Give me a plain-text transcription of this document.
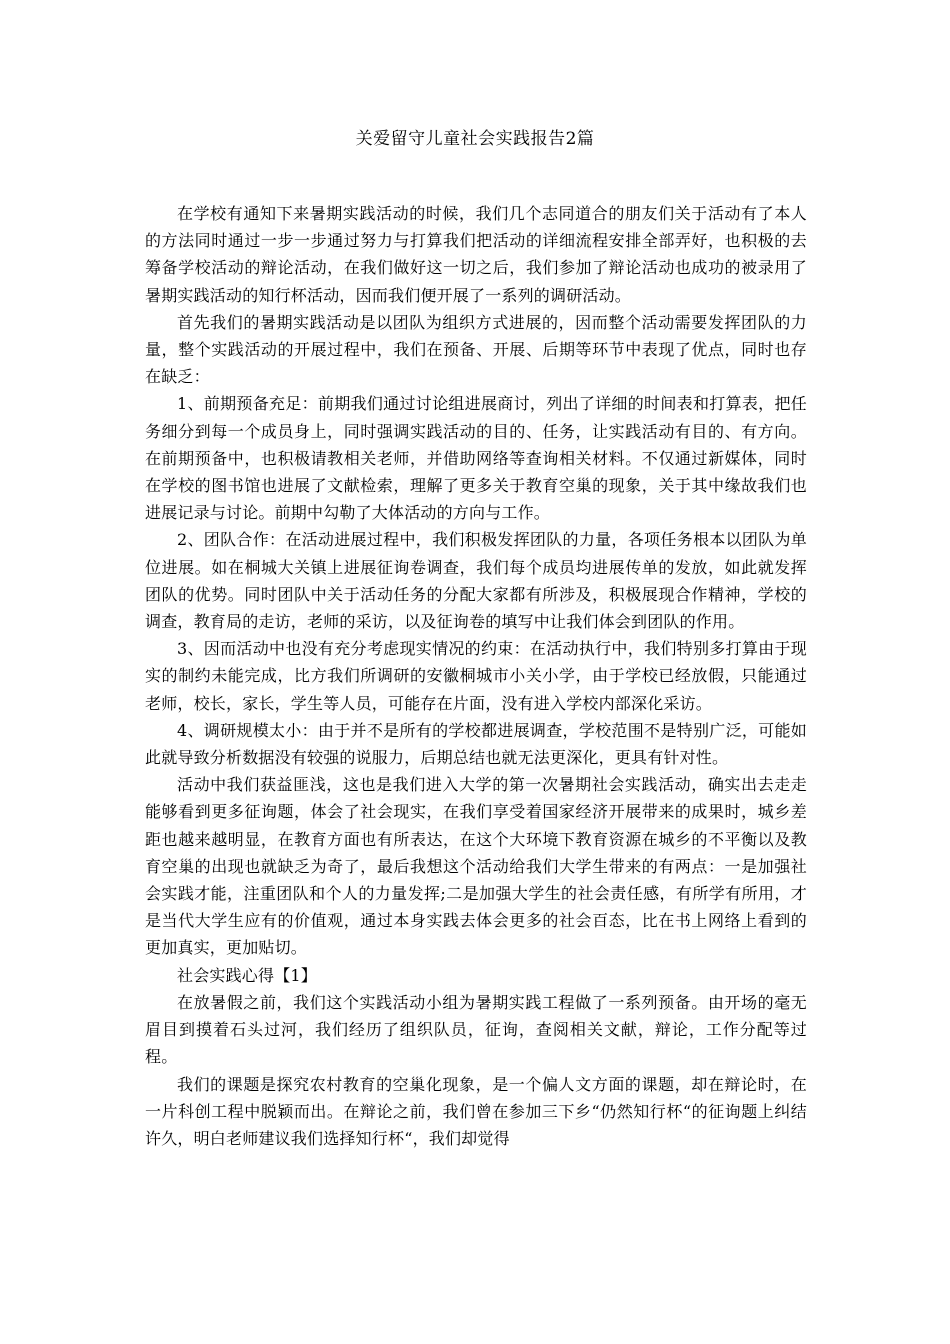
关爱留守儿童社会实践报告2篇

在学校有通知下来暑期实践活动的时候，我们几个志同道合的朋友们关于活动有了本人的方法同时通过一步一步通过努力与打算我们把活动的详细流程安排全部弄好，也积极的去筹备学校活动的辩论活动，在我们做好这一切之后，我们参加了辩论活动也成功的被录用了暑期实践活动的知行杯活动，因而我们便开展了一系列的调研活动。

首先我们的暑期实践活动是以团队为组织方式进展的，因而整个活动需要发挥团队的力量，整个实践活动的开展过程中，我们在预备、开展、后期等环节中表现了优点，同时也存在缺乏：

1、前期预备充足：前期我们通过讨论组进展商讨，列出了详细的时间表和打算表，把任务细分到每一个成员身上，同时强调实践活动的目的、任务，让实践活动有目的、有方向。在前期预备中，也积极请教相关老师，并借助网络等查询相关材料。不仅通过新媒体，同时在学校的图书馆也进展了文献检索，理解了更多关于教育空巢的现象，关于其中缘故我们也进展记录与讨论。前期中勾勒了大体活动的方向与工作。

2、团队合作：在活动进展过程中，我们积极发挥团队的力量，各项任务根本以团队为单位进展。如在桐城大关镇上进展征询卷调查，我们每个成员均进展传单的发放，如此就发挥团队的优势。同时团队中关于活动任务的分配大家都有所涉及，积极展现合作精神，学校的调查，教育局的走访，老师的采访，以及征询卷的填写中让我们体会到团队的作用。

3、因而活动中也没有充分考虑现实情况的约束：在活动执行中，我们特别多打算由于现实的制约未能完成，比方我们所调研的安徽桐城市小关小学，由于学校已经放假，只能通过老师，校长，家长，学生等人员，可能存在片面，没有进入学校内部深化采访。

4、调研规模太小：由于并不是所有的学校都进展调查，学校范围不是特别广泛，可能如此就导致分析数据没有较强的说服力，后期总结也就无法更深化，更具有针对性。

活动中我们获益匪浅，这也是我们进入大学的第一次暑期社会实践活动，确实出去走走能够看到更多征询题，体会了社会现实，在我们享受着国家经济开展带来的成果时，城乡差距也越来越明显，在教育方面也有所表达，在这个大环境下教育资源在城乡的不平衡以及教育空巢的出现也就缺乏为奇了，最后我想这个活动给我们大学生带来的有两点：一是加强社会实践才能，注重团队和个人的力量发挥;二是加强大学生的社会责任感，有所学有所用，才是当代大学生应有的价值观，通过本身实践去体会更多的社会百态，比在书上网络上看到的更加真实，更加贴切。

社会实践心得【1】

在放暑假之前，我们这个实践活动小组为暑期实践工程做了一系列预备。由开场的毫无眉目到摸着石头过河，我们经历了组织队员，征询，查阅相关文献，辩论，工作分配等过程。

我们的课题是探究农村教育的空巢化现象，是一个偏人文方面的课题，却在辩论时，在一片科创工程中脱颖而出。在辩论之前，我们曾在参加三下乡“仍然知行杯“的征询题上纠结许久，明白老师建议我们选择知行杯“，我们却觉得
